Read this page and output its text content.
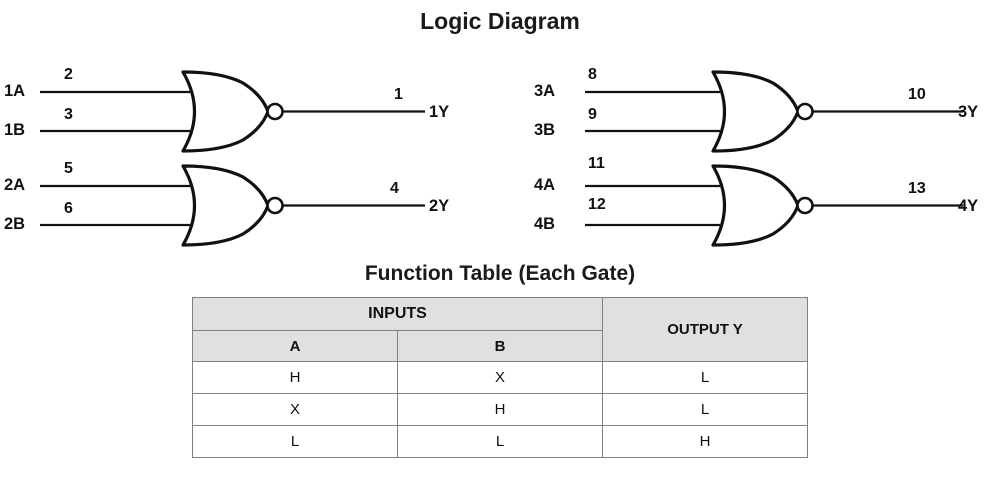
Logic Diagram
1A
1B
2
3
1
1Y
2A
2B
5
6
4
2Y
3A
3B
8
9
10
3Y
4A
4B
11
12
13
4Y
Function Table (Each Gate)
INPUTS		OUTPUT Y
A	B	
H	X	L
X	H	L
L	L	H
